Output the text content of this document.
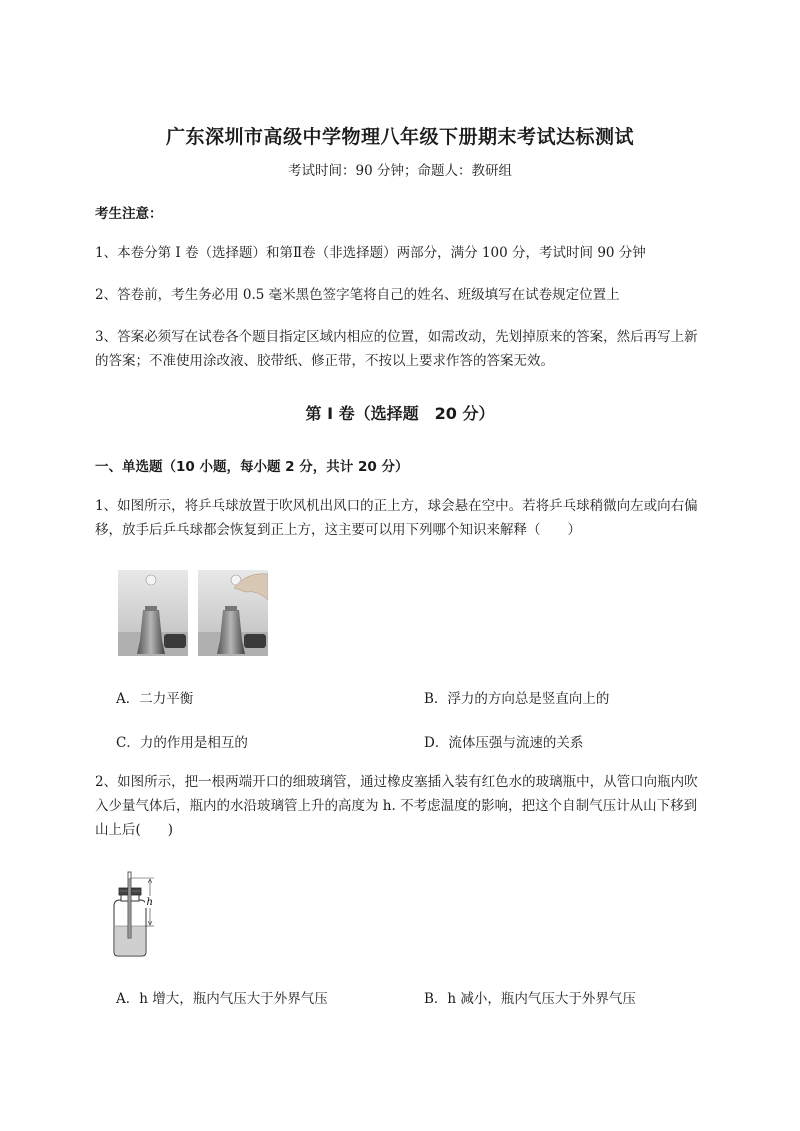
广东深圳市高级中学物理八年级下册期末考试达标测试
考试时间：90 分钟；命题人：教研组
考生注意：
1、本卷分第 I 卷（选择题）和第Ⅱ卷（非选择题）两部分，满分 100 分，考试时间 90 分钟
2、答卷前，考生务必用 0.5 毫米黑色签字笔将自己的姓名、班级填写在试卷规定位置上
3、答案必须写在试卷各个题目指定区域内相应的位置，如需改动，先划掉原来的答案，然后再写上新的答案；不准使用涂改液、胶带纸、修正带，不按以上要求作答的答案无效。
第 I 卷（选择题　20 分）
一、单选题（10 小题，每小题 2 分，共计 20 分）
1、如图所示，将乒乓球放置于吹风机出风口的正上方，球会悬在空中。若将乒乓球稍微向左或向右偏移，放手后乒乓球都会恢复到正上方，这主要可以用下列哪个知识来解释（　　）
A．二力平衡	B．浮力的方向总是竖直向上的
C．力的作用是相互的	D．流体压强与流速的关系
2、如图所示，把一根两端开口的细玻璃管，通过橡皮塞插入装有红色水的玻璃瓶中，从管口向瓶内吹入少量气体后，瓶内的水沿玻璃管上升的高度为 h. 不考虑温度的影响，把这个自制气压计从山下移到山上后(　　)
h
A．h 增大，瓶内气压大于外界气压	B．h 减小，瓶内气压大于外界气压
